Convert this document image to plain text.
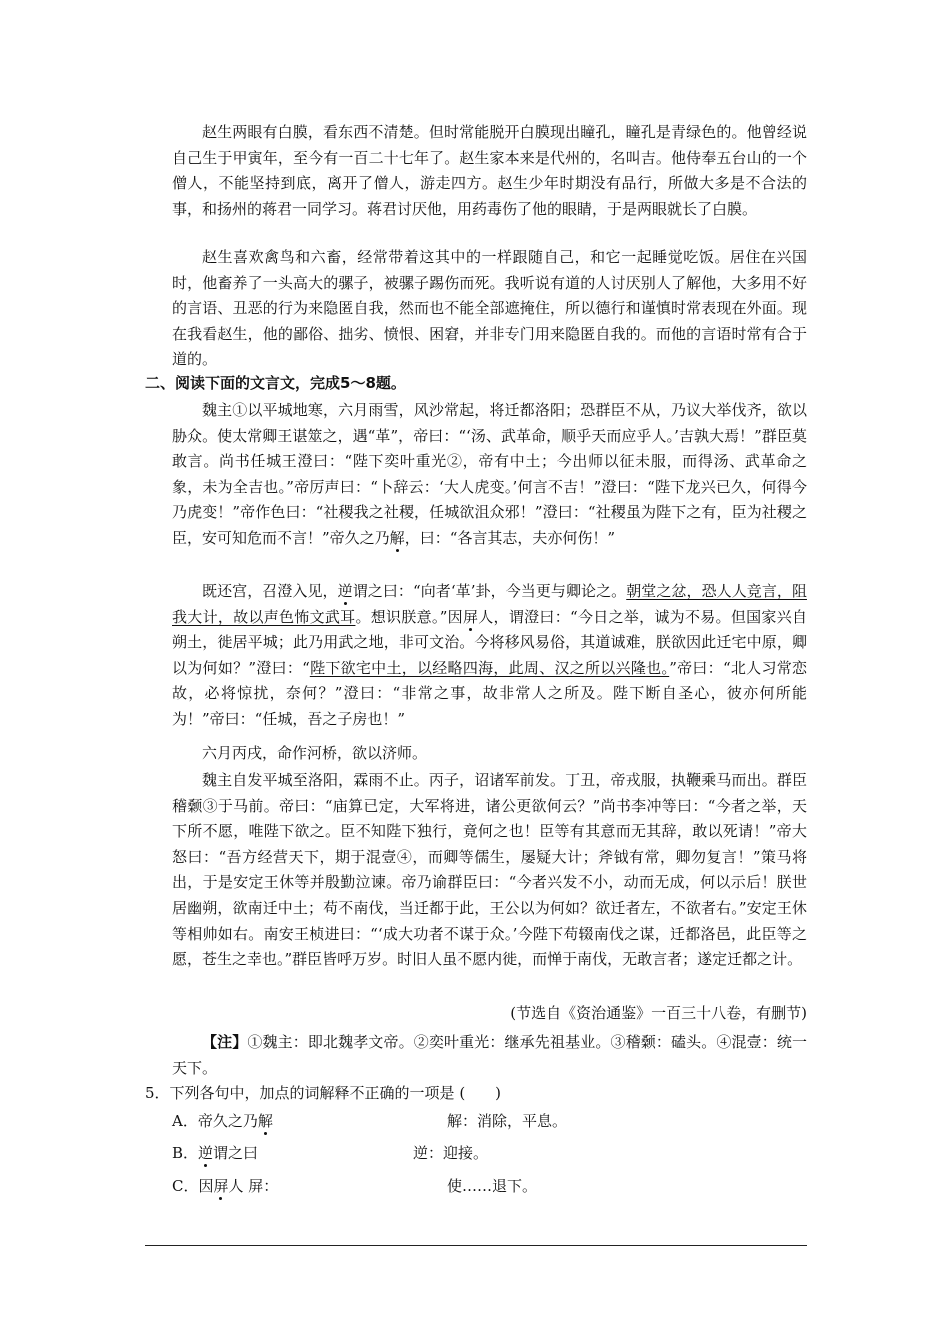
赵生两眼有白膜，看东西不清楚。但时常能脱开白膜现出瞳孔，瞳孔是青绿色的。他曾经说自己生于甲寅年，至今有一百二十七年了。赵生家本来是代州的，名叫吉。他侍奉五台山的一个僧人，不能坚持到底，离开了僧人，游走四方。赵生少年时期没有品行，所做大多是不合法的事，和扬州的蒋君一同学习。蒋君讨厌他，用药毒伤了他的眼睛，于是两眼就长了白膜。

赵生喜欢禽鸟和六畜，经常带着这其中的一样跟随自己，和它一起睡觉吃饭。居住在兴国时，他畜养了一头高大的骡子，被骡子踢伤而死。我听说有道的人讨厌别人了解他，大多用不好的言语、丑恶的行为来隐匿自我，然而也不能全部遮掩住，所以德行和谨慎时常表现在外面。现在我看赵生，他的鄙俗、拙劣、愤恨、困窘，并非专门用来隐匿自我的。而他的言语时常有合于道的。

二、阅读下面的文言文，完成5～8题。

魏主①以平城地寒，六月雨雪，风沙常起，将迁都洛阳；恐群臣不从，乃议大举伐齐，欲以胁众。使太常卿王谌筮之，遇“革”，帝曰：“‘汤、武革命，顺乎天而应乎人。’吉孰大焉！”群臣莫敢言。尚书任城王澄曰：“陛下奕叶重光②，帝有中土；今出师以征未服，而得汤、武革命之象，未为全吉也。”帝厉声曰：“卜辞云：‘大人虎变。’何言不吉！”澄曰：“陛下龙兴已久，何得今乃虎变！”帝作色曰：“社稷我之社稷，任城欲沮众邪！”澄曰：“社稷虽为陛下之有，臣为社稷之臣，安可知危而不言！”帝久之乃解，曰：“各言其志，夫亦何伤！”

既还宫，召澄入见，逆谓之曰：“向者‘革’卦，今当更与卿论之。朝堂之忿，恐人人竞言，阻我大计，故以声色怖文武耳。想识朕意。”因屏人，谓澄曰：“今日之举，诚为不易。但国家兴自朔土，徙居平城；此乃用武之地，非可文治。今将移风易俗，其道诚难，朕欲因此迁宅中原，卿以为何如？”澄曰：“陛下欲宅中土，以经略四海，此周、汉之所以兴隆也。”帝曰：“北人习常恋故，必将惊扰，奈何？”澄曰：“非常之事，故非常人之所及。陛下断自圣心，彼亦何所能为！”帝曰：“任城，吾之子房也！”

六月丙戌，命作河桥，欲以济师。

魏主自发平城至洛阳，霖雨不止。丙子，诏诸军前发。丁丑，帝戎服，执鞭乘马而出。群臣稽颡③于马前。帝曰：“庙算已定，大军将进，诸公更欲何云？”尚书李冲等曰：“今者之举，天下所不愿，唯陛下欲之。臣不知陛下独行，竟何之也！臣等有其意而无其辞，敢以死请！”帝大怒曰：“吾方经营天下，期于混壹④，而卿等儒生，屡疑大计；斧钺有常，卿勿复言！”策马将出，于是安定王休等并殷勤泣谏。帝乃谕群臣曰：“今者兴发不小，动而无成，何以示后！朕世居幽朔，欲南迁中土；苟不南伐，当迁都于此，王公以为何如？欲迁者左，不欲者右。”安定王休等相帅如右。南安王桢进曰：“‘成大功者不谋于众。’今陛下苟辍南伐之谋，迁都洛邑，此臣等之愿，苍生之幸也。”群臣皆呼万岁。时旧人虽不愿内徙，而惮于南伐，无敢言者；遂定迁都之计。

(节选自《资治通鉴》一百三十八卷，有删节)

【注】①魏主：即北魏孝文帝。②奕叶重光：继承先祖基业。③稽颡：磕头。④混壹：统一天下。

5．下列各句中，加点的词解释不正确的一项是 (　　)
A．帝久之乃解	解：消除，平息。
B．逆谓之曰	逆：迎接。
C．因屏人 屏：	使……退下。
